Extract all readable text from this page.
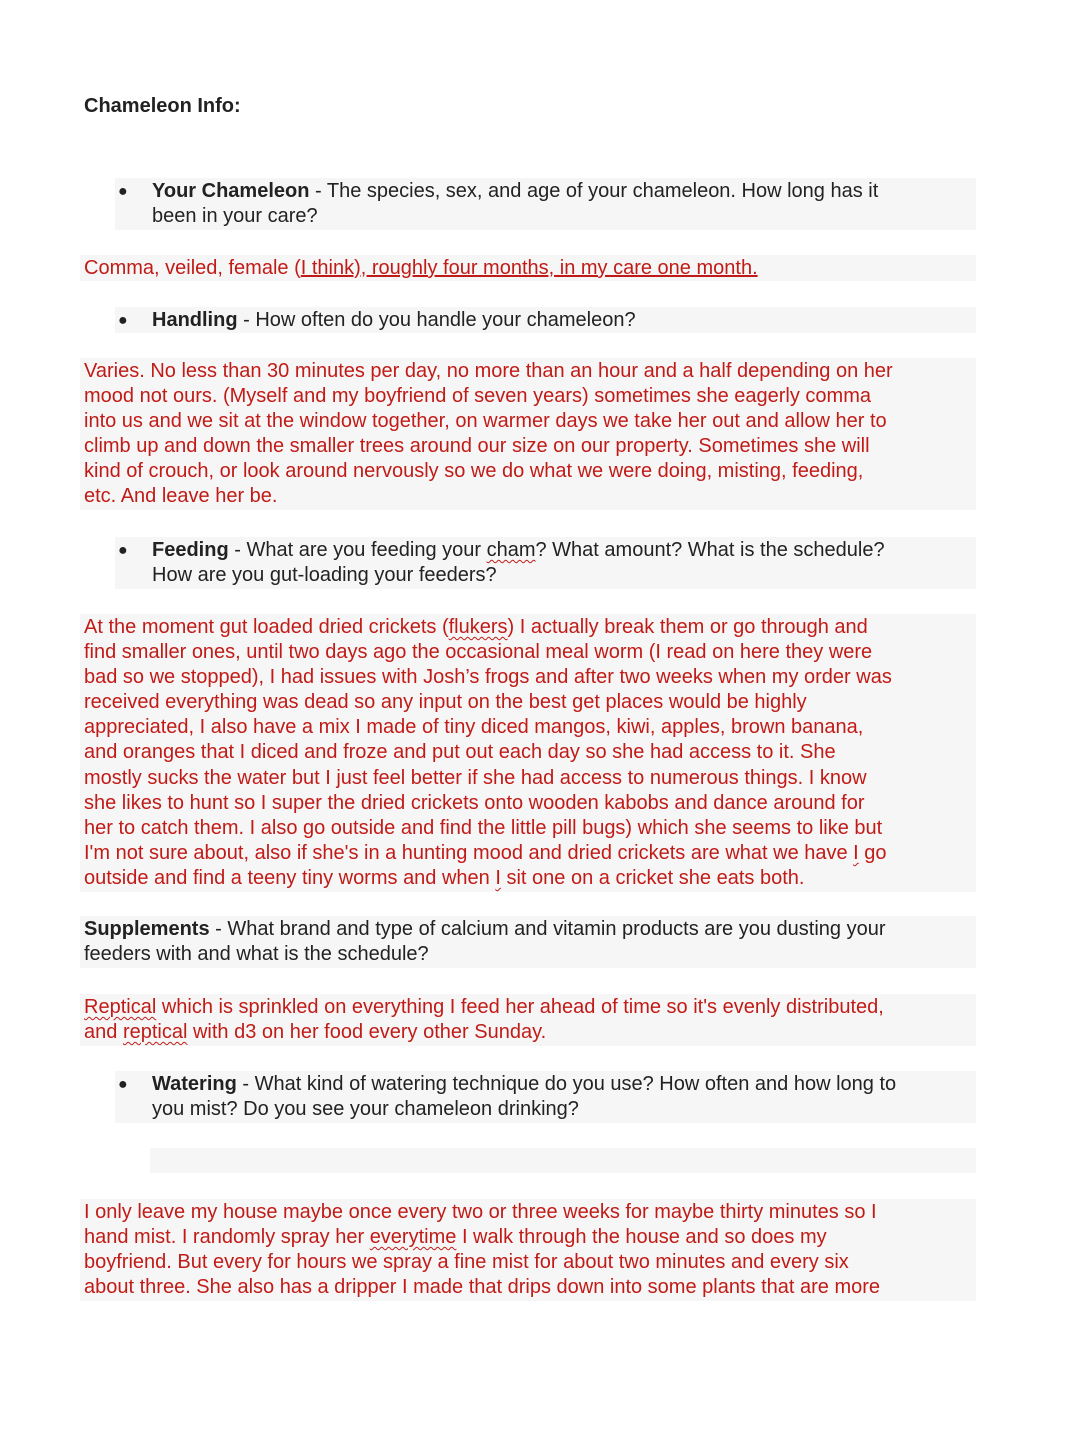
Chameleon Info:
● Your Chameleon - The species, sex, and age of your chameleon. How long has it
been in your care?
Comma, veiled, female (I think), roughly four months, in my care one month.
● Handling - How often do you handle your chameleon?
Varies. No less than 30 minutes per day, no more than an hour and a half depending on her
mood not ours. (Myself and my boyfriend of seven years) sometimes she eagerly comma
into us and we sit at the window together, on warmer days we take her out and allow her to
climb up and down the smaller trees around our size on our property. Sometimes she will
kind of crouch, or look around nervously so we do what we were doing, misting, feeding,
etc. And leave her be.
● Feeding - What are you feeding your cham? What amount? What is the schedule?
How are you gut-loading your feeders?
At the moment gut loaded dried crickets (flukers) I actually break them or go through and
find smaller ones, until two days ago the occasional meal worm (I read on here they were
bad so we stopped), I had issues with Josh’s frogs and after two weeks when my order was
received everything was dead so any input on the best get places would be highly
appreciated, I also have a mix I made of tiny diced mangos, kiwi, apples, brown banana,
and oranges that I diced and froze and put out each day so she had access to it. She
mostly sucks the water but I just feel better if she had access to numerous things. I know
she likes to hunt so I super the dried crickets onto wooden kabobs and dance around for
her to catch them. I also go outside and find the little pill bugs) which she seems to like but
I'm not sure about, also if she's in a hunting mood and dried crickets are what we have I go
outside and find a teeny tiny worms and when I sit one on a cricket she eats both.
Supplements - What brand and type of calcium and vitamin products are you dusting your
feeders with and what is the schedule?
Reptical which is sprinkled on everything I feed her ahead of time so it's evenly distributed,
and reptical with d3 on her food every other Sunday.
● Watering - What kind of watering technique do you use? How often and how long to
you mist? Do you see your chameleon drinking?
I only leave my house maybe once every two or three weeks for maybe thirty minutes so I
hand mist. I randomly spray her everytime I walk through the house and so does my
boyfriend. But every for hours we spray a fine mist for about two minutes and every six
about three. She also has a dripper I made that drips down into some plants that are more
